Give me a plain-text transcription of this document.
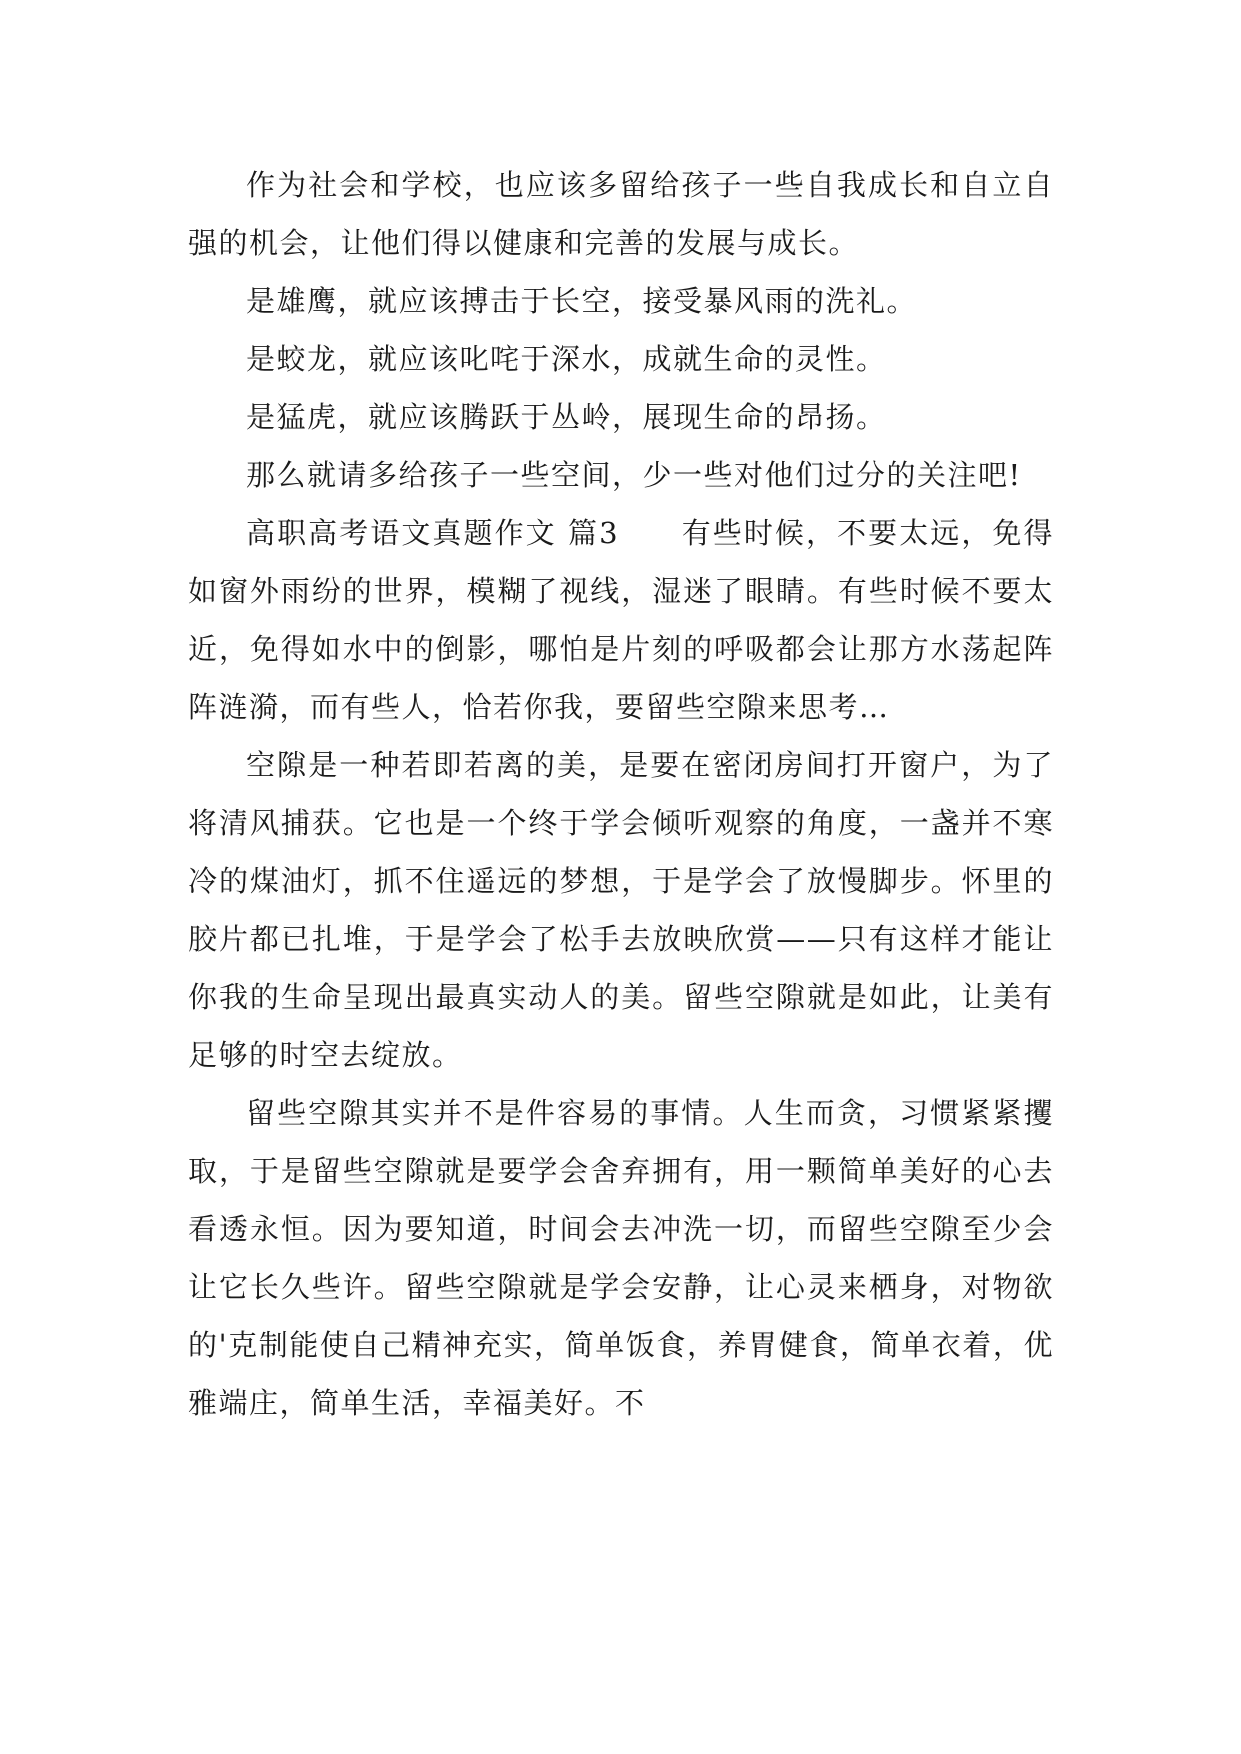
作为社会和学校，也应该多留给孩子一些自我成长和自立自强的机会，让他们得以健康和完善的发展与成长。

是雄鹰，就应该搏击于长空，接受暴风雨的洗礼。

是蛟龙，就应该叱咤于深水，成就生命的灵性。

是猛虎，就应该腾跃于丛岭，展现生命的昂扬。

那么就请多给孩子一些空间，少一些对他们过分的关注吧!

高职高考语文真题作文 篇3　　有些时候，不要太远，免得如窗外雨纷的世界，模糊了视线，湿迷了眼睛。有些时候不要太近，免得如水中的倒影，哪怕是片刻的呼吸都会让那方水荡起阵阵涟漪，而有些人，恰若你我，要留些空隙来思考…

空隙是一种若即若离的美，是要在密闭房间打开窗户，为了将清风捕获。它也是一个终于学会倾听观察的角度，一盏并不寒冷的煤油灯，抓不住遥远的梦想，于是学会了放慢脚步。怀里的胶片都已扎堆，于是学会了松手去放映欣赏——只有这样才能让你我的生命呈现出最真实动人的美。留些空隙就是如此，让美有足够的时空去绽放。

留些空隙其实并不是件容易的事情。人生而贪，习惯紧紧攫取，于是留些空隙就是要学会舍弃拥有，用一颗简单美好的心去看透永恒。因为要知道，时间会去冲洗一切，而留些空隙至少会让它长久些许。留些空隙就是学会安静，让心灵来栖身，对物欲的'克制能使自己精神充实，简单饭食，养胃健食，简单衣着，优雅端庄，简单生活，幸福美好。不
